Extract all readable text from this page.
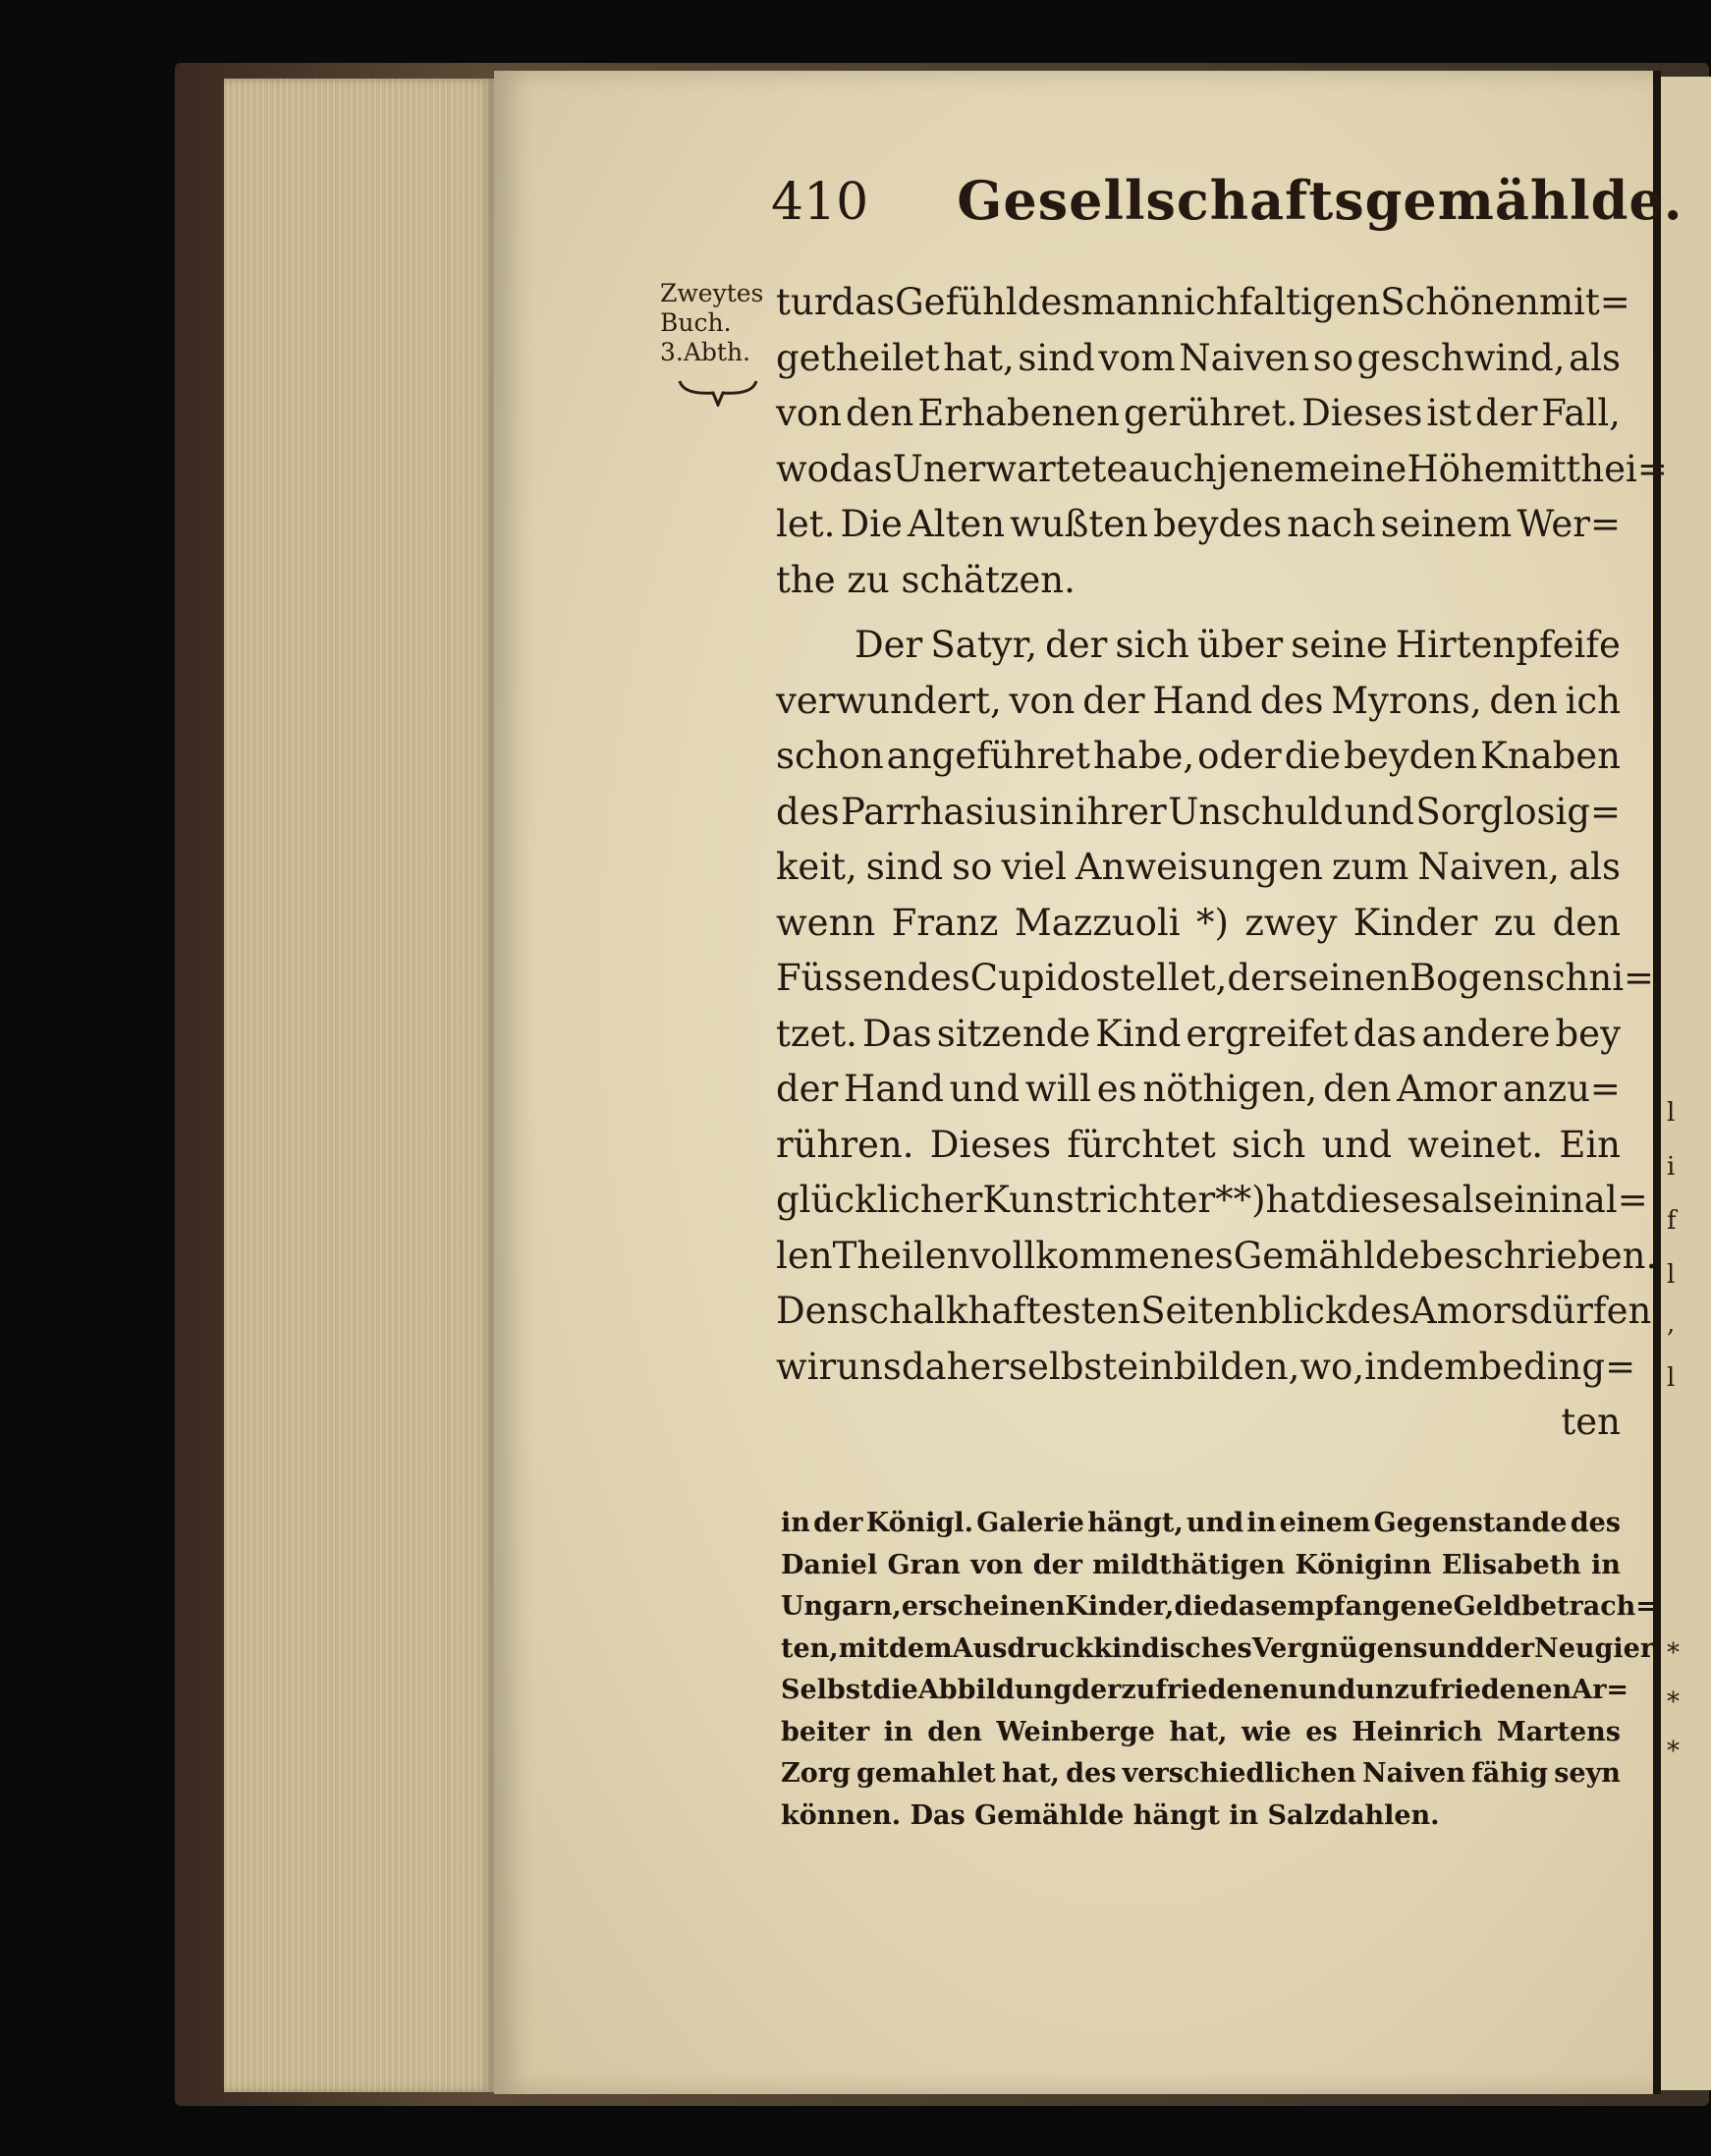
l
i
f
l
,
l
*
*
*
410 Gesellschaftsgemählde.
Zweytes
Buch.
3.Abth.
tur das Gefühl des mannichfaltigen Schönen mit=
getheilet hat, sind vom Naiven so geschwind, als
von den Erhabenen gerühret. Dieses ist der Fall,
wo das Unerwartete auch jenem eine Höhe mitthei=
let. Die Alten wußten beydes nach seinem Wer=
the zu schätzen.
Der Satyr, der sich über seine Hirtenpfeife
verwundert, von der Hand des Myrons, den ich
schon angeführet habe, oder die beyden Knaben
des Parrhasius in ihrer Unschuld und Sorglosig=
keit, sind so viel Anweisungen zum Naiven, als
wenn Franz Mazzuoli *) zwey Kinder zu den
Füssen des Cupido stellet, der seinen Bogen schni=
tzet. Das sitzende Kind ergreifet das andere bey
der Hand und will es nöthigen, den Amor anzu=
rühren. Dieses fürchtet sich und weinet. Ein
glücklicher Kunstrichter **) hat dieses als ein in al=
len Theilen vollkommenes Gemählde beschrieben.
Den schalkhaftesten Seitenblick des Amors dürfen
wir uns daher selbst einbilden, wo, in dem beding=
ten
in der Königl. Galerie hängt, und in einem Gegenstande des
Daniel Gran von der mildthätigen Königinn Elisabeth in
Ungarn, erscheinen Kinder, die das empfangene Geld betrach=
ten, mit dem Ausdruck kindisches Vergnügens und der Neugier.
Selbst die Abbildung der zufriedenen und unzufriedenen Ar=
beiter in den Weinberge hat, wie es Heinrich Martens
Zorg gemahlet hat, des verschiedlichen Naiven fähig seyn
können. Das Gemählde hängt in Salzdahlen.
